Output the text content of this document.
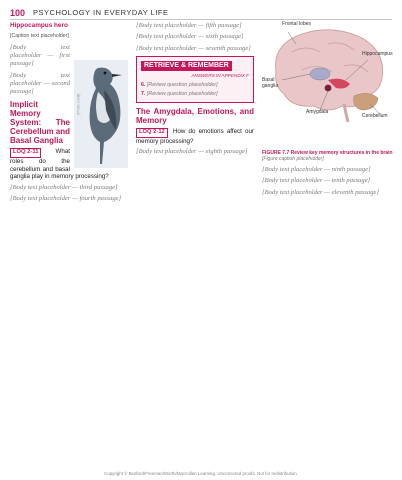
100 PSYCHOLOGY IN EVERYDAY LIFE
Hippocampus hero
[Caption text placeholder]
[Photo credit]

[Body text placeholder — first passage]

[Body text placeholder — second passage]

Implicit Memory System: The Cerebellum and Basal Ganglia
LOQ 2-11	What roles do the cerebellum and basal ganglia play in memory processing?

[Body text placeholder — third passage]

[Body text placeholder — fourth passage]

[Body text placeholder — fifth passage]

[Body text placeholder — sixth passage]

[Body text placeholder — seventh passage]

RETRIEVE & REMEMBER
ANSWERS IN APPENDIX F
6. [Review question placeholder]
7. [Review question placeholder]
The Amygdala, Emotions, and Memory
LOQ 2-12 How do emotions affect our memory processing?

[Body text placeholder — eighth passage]

Frontal lobes
Hippocampus
Basal ganglia
Amygdala
Cerebellum
FIGURE 7.7 Review key memory structures in the brain
[Figure caption placeholder]

[Body text placeholder — ninth passage]

[Body text placeholder — tenth passage]

[Body text placeholder — eleventh passage]

Copyright © Bedford/Freeman/Worth/Macmillan Learning. Uncorrected proofs. Not for redistribution.
